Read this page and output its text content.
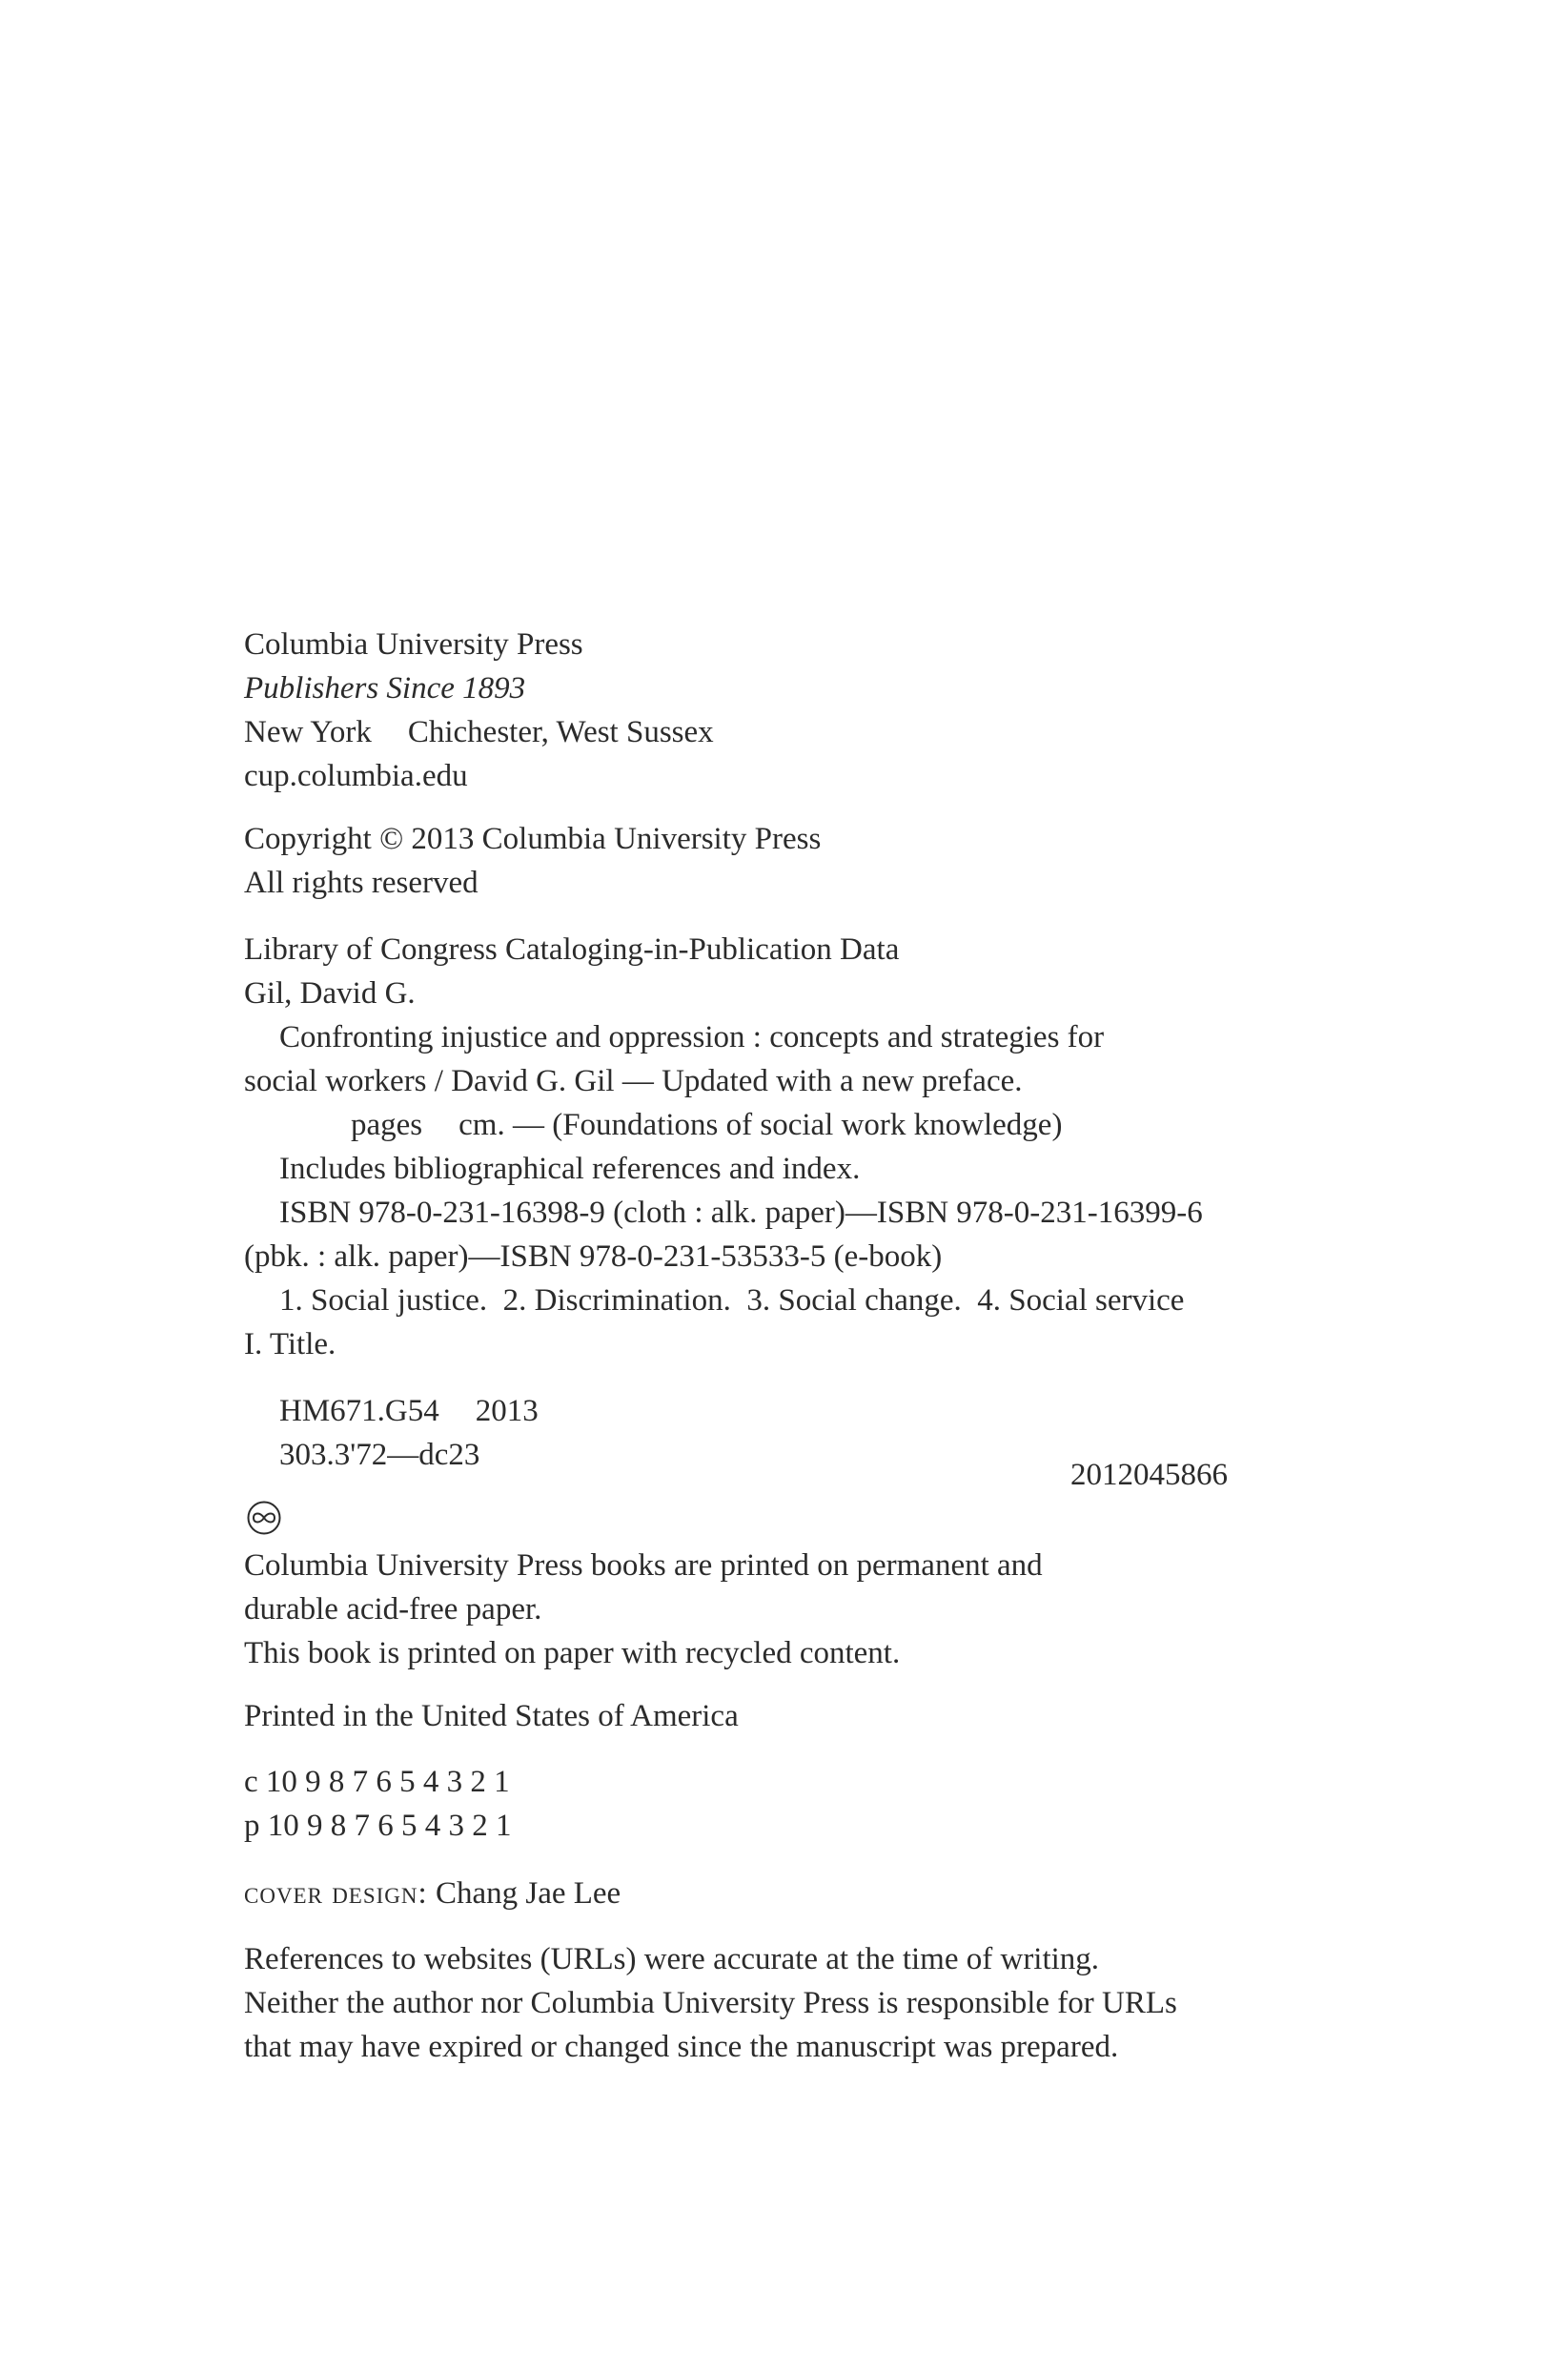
Columbia University Press
Publishers Since 1893
New York Chichester, West Sussex
cup.columbia.edu
Copyright © 2013 Columbia University Press
All rights reserved
Library of Congress Cataloging-in-Publication Data
Gil, David G.
Confronting injustice and oppression : concepts and strategies for
social workers / David G. Gil — Updated with a new preface.
pages cm. — (Foundations of social work knowledge)
Includes bibliographical references and index.
ISBN 978-0-231-16398-9 (cloth : alk. paper)—ISBN 978-0-231-16399-6
(pbk. : alk. paper)—ISBN 978-0-231-53533-5 (e-book)
1. Social justice.  2. Discrimination.  3. Social change.  4. Social service
I. Title.
HM671.G54 2013
303.3'72—dc23
2012045866
Columbia University Press books are printed on permanent and
durable acid-free paper.
This book is printed on paper with recycled content.
Printed in the United States of America
c 10 9 8 7 6 5 4 3 2 1
p 10 9 8 7 6 5 4 3 2 1
cover design: Chang Jae Lee
References to websites (URLs) were accurate at the time of writing.
Neither the author nor Columbia University Press is responsible for URLs
that may have expired or changed since the manuscript was prepared.
